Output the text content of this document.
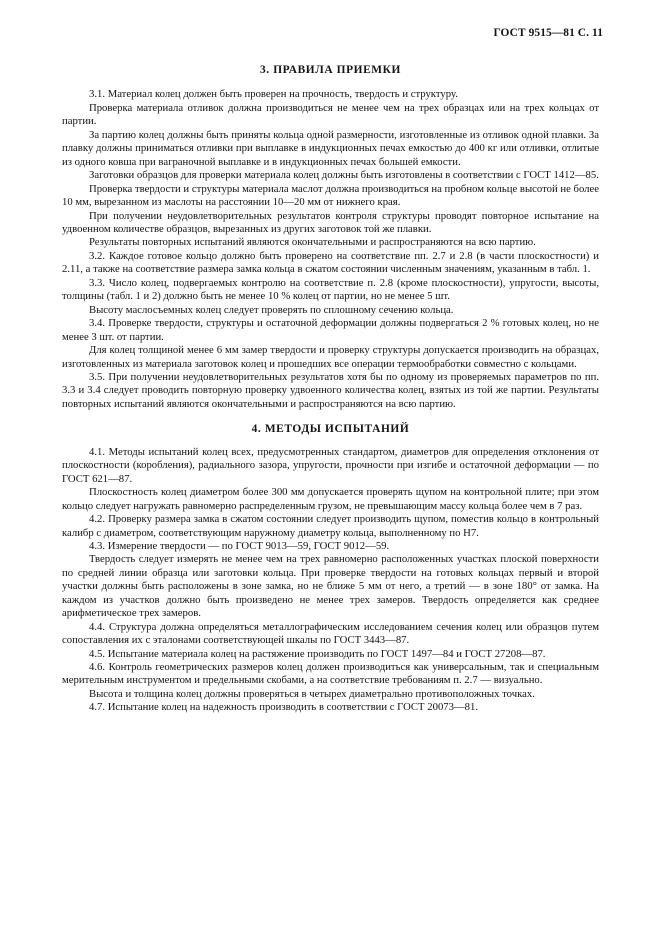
ГОСТ 9515—81 С. 11
3. ПРАВИЛА ПРИЕМКИ

3.1. Материал колец должен быть проверен на прочность, твердость и структуру.

Проверка материала отливок должна производиться не менее чем на трех образцах или на трех кольцах от партии.

За партию колец должны быть приняты кольца одной размерности, изготовленные из отливок одной плавки. За плавку должны приниматься отливки при выплавке в индукционных печах емкостью до 400 кг или отливки, отлитые из одного ковша при ваграночной выплавке и в индукционных печах большей емкости.

Заготовки образцов для проверки материала колец должны быть изготовлены в соответствии с ГОСТ 1412—85.

Проверка твердости и структуры материала маслот должна производиться на пробном кольце высотой не более 10 мм, вырезанном из маслоты на расстоянии 10—20 мм от нижнего края.

При получении неудовлетворительных результатов контроля структуры проводят повторное испытание на удвоенном количестве образцов, вырезанных из других заготовок той же плавки.

Результаты повторных испытаний являются окончательными и распространяются на всю партию.

3.2. Каждое готовое кольцо должно быть проверено на соответствие пп. 2.7 и 2.8 (в части плоскостности) и 2.11, а также на соответствие размера замка кольца в сжатом состоянии численным значениям, указанным в табл. 1.

3.3. Число колец, подвергаемых контролю на соответствие п. 2.8 (кроме плоскостности), упругости, высоты, толщины (табл. 1 и 2) должно быть не менее 10 % колец от партии, но не менее 5 шт.

Высоту маслосъемных колец следует проверять по сплошному сечению кольца.

3.4. Проверке твердости, структуры и остаточной деформации должны подвергаться 2 % готовых колец, но не менее 3 шт. от партии.

Для колец толщиной менее 6 мм замер твердости и проверку структуры допускается производить на образцах, изготовленных из материала заготовок колец и прошедших все операции термообработки совместно с кольцами.

3.5. При получении неудовлетворительных результатов хотя бы по одному из проверяемых параметров по пп. 3.3 и 3.4 следует проводить повторную проверку удвоенного количества колец, взятых из той же партии. Результаты повторных испытаний являются окончательными и распространяются на всю партию.

4. МЕТОДЫ ИСПЫТАНИЙ

4.1. Методы испытаний колец всех, предусмотренных стандартом, диаметров для определения отклонения от плоскостности (коробления), радиального зазора, упругости, прочности при изгибе и остаточной деформации — по ГОСТ 621—87.

Плоскостность колец диаметром более 300 мм допускается проверять щупом на контрольной плите; при этом кольцо следует нагружать равномерно распределенным грузом, не превышающим массу кольца более чем в 7 раз.

4.2. Проверку размера замка в сжатом состоянии следует производить щупом, поместив кольцо в контрольный калибр с диаметром, соответствующим наружному диаметру кольца, выполненному по Н7.

4.3. Измерение твердости — по ГОСТ 9013—59, ГОСТ 9012—59.

Твердость следует измерять не менее чем на трех равномерно расположенных участках плоской поверхности по средней линии образца или заготовки кольца. При проверке твердости на готовых кольцах первый и второй участки должны быть расположены в зоне замка, но не ближе 5 мм от него, а третий — в зоне 180° от замка. На каждом из участков должно быть произведено не менее трех замеров. Твердость определяется как среднее арифметическое трех замеров.

4.4. Структура должна определяться металлографическим исследованием сечения колец или образцов путем сопоставления их с эталонами соответствующей шкалы по ГОСТ 3443—87.

4.5. Испытание материала колец на растяжение производить по ГОСТ 1497—84 и ГОСТ 27208—87.

4.6. Контроль геометрических размеров колец должен производиться как универсальным, так и специальным мерительным инструментом и предельными скобами, а на соответствие требованиям п. 2.7 — визуально.

Высота и толщина колец должны проверяться в четырех диаметрально противоположных точках.

4.7. Испытание колец на надежность производить в соответствии с ГОСТ 20073—81.
